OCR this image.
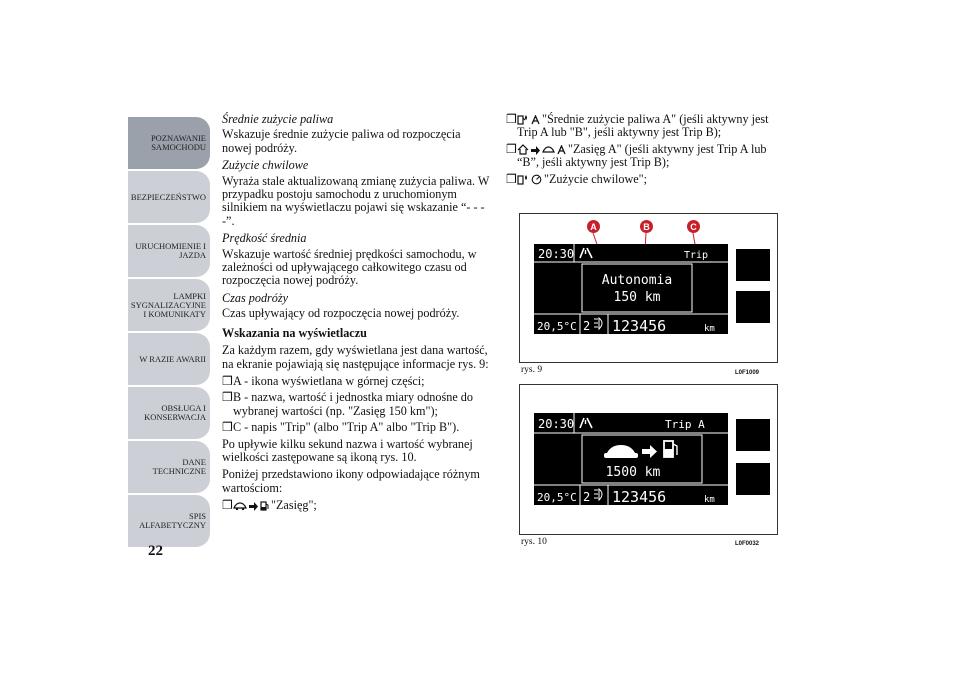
POZNAWANIE
SAMOCHODU
BEZPIECZEŃSTWO
URUCHOMIENIE I
JAZDA
LAMPKI
SYGNALIZACYJNE
I KOMUNIKATY
W RAZIE AWARII
OBSŁUGA I
KONSERWACJA
DANE
TECHNICZNE
SPIS
ALFABETYCZNY
22

Średnie zużycie paliwa

Wskazuje średnie zużycie paliwa od rozpoczęcia nowej podróży.

Zużycie chwilowe

Wyraża stale aktualizowaną zmianę zużycia paliwa. W przypadku postoju samochodu z uruchomionym silnikiem na wyświetlaczu pojawi się wskazanie “- - - -”.

Prędkość średnia

Wskazuje wartość średniej prędkości samochodu, w zależności od upływającego całkowitego czasu od rozpoczęcia nowej podróży.

Czas podróży

Czas upływający od rozpoczęcia nowej podróży.

Wskazania na wyświetlaczu

Za każdym razem, gdy wyświetlana jest dana wartość, na ekranie pojawiają się następujące informacje rys. 9:

❒ A - ikona wyświetlana w górnej części;
❒ B - nazwa, wartość i jednostka miary odnośne do wybranej wartości (np. "Zasięg 150 km");
❒ C - napis "Trip" (albo "Trip A" albo "Trip B").

Po upływie kilku sekund nazwa i wartość wybranej wielkości zastępowane są ikoną rys. 10.

Poniżej przedstawiono ikony odpowiadające różnym wartościom:

❒	"Zasięg";
❒	"Średnie zużycie paliwa A" (jeśli aktywny jest Trip A lub "B", jeśli aktywny jest Trip B);
❒	"Zasięg A" (jeśli aktywny jest Trip A lub “B”, jeśli aktywny jest Trip B);
❒	"Zużycie chwilowe";
A	B	C
20:30	Trip
Autonomia
150 km
20,5°C 2 123456	km
rys. 9	L0F1009
20:30	Trip A
1500 km
20,5°C 2 123456	km
rys. 10	L0F0032
